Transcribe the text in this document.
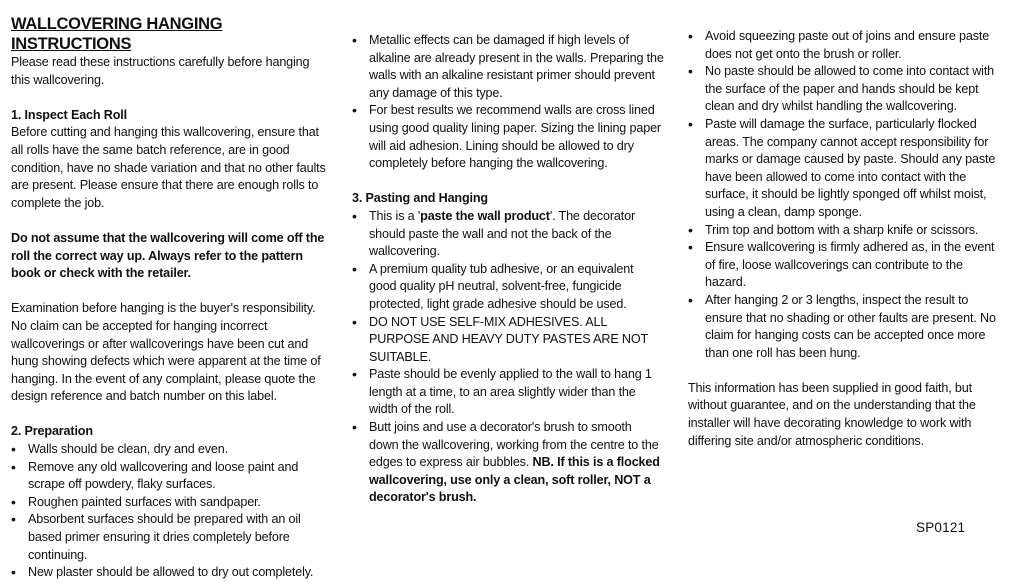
WALLCOVERING HANGING INSTRUCTIONS

Please read these instructions carefully before hanging this wallcovering.

1. Inspect Each Roll

Before cutting and hanging this wallcovering, ensure that all rolls have the same batch reference, are in good condition, have no shade variation and that no other faults are present. Please ensure that there are enough rolls to complete the job.

Do not assume that the wallcovering will come off the roll the correct way up. Always refer to the pattern book or check with the retailer.

Examination before hanging is the buyer's responsibility. No claim can be accepted for hanging incorrect wallcoverings or after wallcoverings have been cut and hung showing defects which were apparent at the time of hanging. In the event of any complaint, please quote the design reference and batch number on this label.

2. Preparation

• Walls should be clean, dry and even.
• Remove any old wallcovering and loose paint and scrape off powdery, flaky surfaces.
• Roughen painted surfaces with sandpaper.
• Absorbent surfaces should be prepared with an oil based primer ensuring it dries completely before continuing.
• New plaster should be allowed to dry out completely.
• Metallic effects can be damaged if high levels of alkaline are already present in the walls. Preparing the walls with an alkaline resistant primer should prevent any damage of this type.
• For best results we recommend walls are cross lined using good quality lining paper. Sizing the lining paper will aid adhesion. Lining should be allowed to dry completely before hanging the wallcovering.

3. Pasting and Hanging

• This is a 'paste the wall product'. The decorator should paste the wall and not the back of the wallcovering.
• A premium quality tub adhesive, or an equivalent good quality pH neutral, solvent-free, fungicide protected, light grade adhesive should be used.
• DO NOT USE SELF-MIX ADHESIVES. ALL PURPOSE AND HEAVY DUTY PASTES ARE NOT SUITABLE.
• Paste should be evenly applied to the wall to hang 1 length at a time, to an area slightly wider than the width of the roll.
• Butt joins and use a decorator's brush to smooth down the wallcovering, working from the centre to the edges to express air bubbles. NB. If this is a flocked wallcovering, use only a clean, soft roller, NOT a decorator's brush.
• Avoid squeezing paste out of joins and ensure paste does not get onto the brush or roller.
• No paste should be allowed to come into contact with the surface of the paper and hands should be kept clean and dry whilst handling the wallcovering.
• Paste will damage the surface, particularly flocked areas. The company cannot accept responsibility for marks or damage caused by paste. Should any paste have been allowed to come into contact with the surface, it should be lightly sponged off whilst moist, using a clean, damp sponge.
• Trim top and bottom with a sharp knife or scissors.
• Ensure wallcovering is firmly adhered as, in the event of fire, loose wallcoverings can contribute to the hazard.
• After hanging 2 or 3 lengths, inspect the result to ensure that no shading or other faults are present. No claim for hanging costs can be accepted once more than one roll has been hung.

This information has been supplied in good faith, but without guarantee, and on the understanding that the installer will have decorating knowledge to work with differing site and/or atmospheric conditions.

SP0121
